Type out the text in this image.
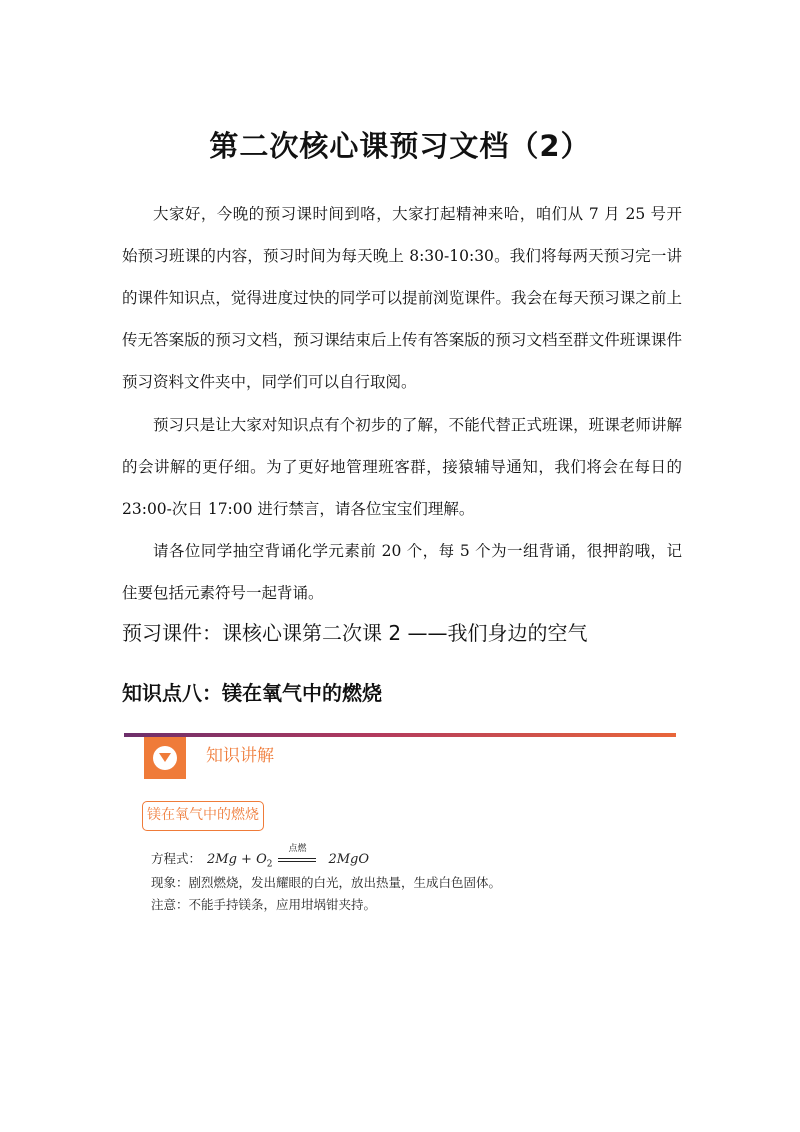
第二次核心课预习文档（2）

大家好，今晚的预习课时间到咯，大家打起精神来哈，咱们从 7 月 25 号开始预习班课的内容，预习时间为每天晚上 8:30-10:30。我们将每两天预习完一讲的课件知识点，觉得进度过快的同学可以提前浏览课件。我会在每天预习课之前上传无答案版的预习文档，预习课结束后上传有答案版的预习文档至群文件班课课件预习资料文件夹中，同学们可以自行取阅。

预习只是让大家对知识点有个初步的了解，不能代替正式班课，班课老师讲解的会讲解的更仔细。为了更好地管理班客群，接猿辅导通知，我们将会在每日的 23:00-次日 17:00 进行禁言，请各位宝宝们理解。

请各位同学抽空背诵化学元素前 20 个，每 5 个为一组背诵，很押韵哦，记住要包括元素符号一起背诵。

预习课件：课核心课第二次课 2 ——我们身边的空气
知识点八：镁在氧气中的燃烧
知识讲解
镁在氧气中的燃烧
方程式： $2Mg + O_2$
点燃
2MgO
现象：剧烈燃烧，发出耀眼的白光，放出热量，生成白色固体。
注意：不能手持镁条，应用坩埚钳夹持。
